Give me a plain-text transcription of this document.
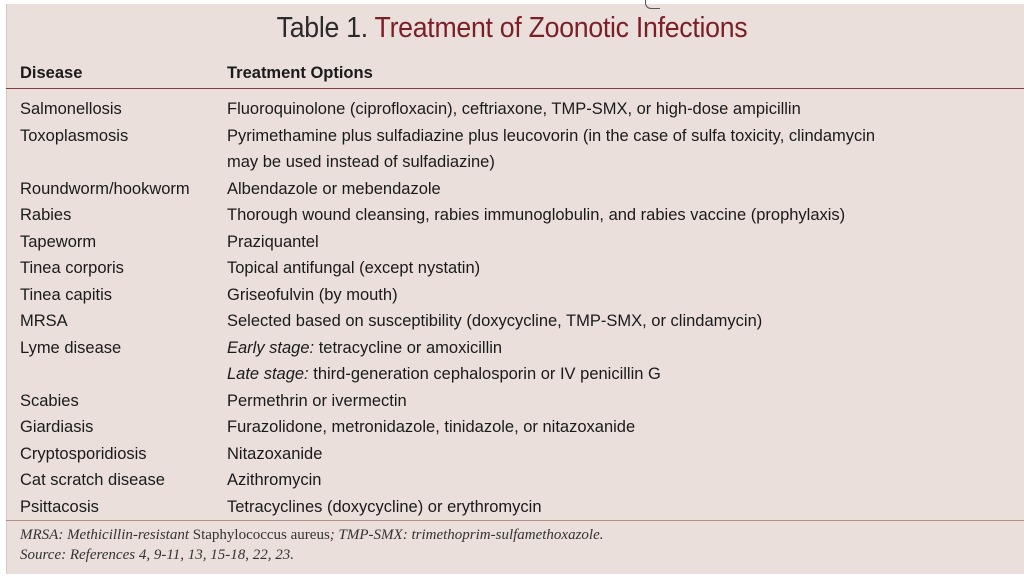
Table 1. Treatment of Zoonotic Infections
Disease	Treatment Options
Salmonellosis	Fluoroquinolone (ciprofloxacin), ceftriaxone, TMP-SMX, or high-dose ampicillin
Toxoplasmosis	Pyrimethamine plus sulfadiazine plus leucovorin (in the case of sulfa toxicity, clindamycin
may be used instead of sulfadiazine)
Roundworm/hookworm Albendazole or mebendazole
Rabies	Thorough wound cleansing, rabies immunoglobulin, and rabies vaccine (prophylaxis)
Tapeworm	Praziquantel
Tinea corporis	Topical antifungal (except nystatin)
Tinea capitis	Griseofulvin (by mouth)
MRSA	Selected based on susceptibility (doxycycline, TMP-SMX, or clindamycin)
Lyme disease	Early stage: tetracycline or amoxicillin
Late stage: third-generation cephalosporin or IV penicillin G
Scabies	Permethrin or ivermectin
Giardiasis	Furazolidone, metronidazole, tinidazole, or nitazoxanide
Cryptosporidiosis	Nitazoxanide
Cat scratch disease	Azithromycin
Psittacosis	Tetracyclines (doxycycline) or erythromycin
MRSA: Methicillin-resistant Staphylococcus aureus; TMP-SMX: trimethoprim-sulfamethoxazole.
Source: References 4, 9-11, 13, 15-18, 22, 23.
